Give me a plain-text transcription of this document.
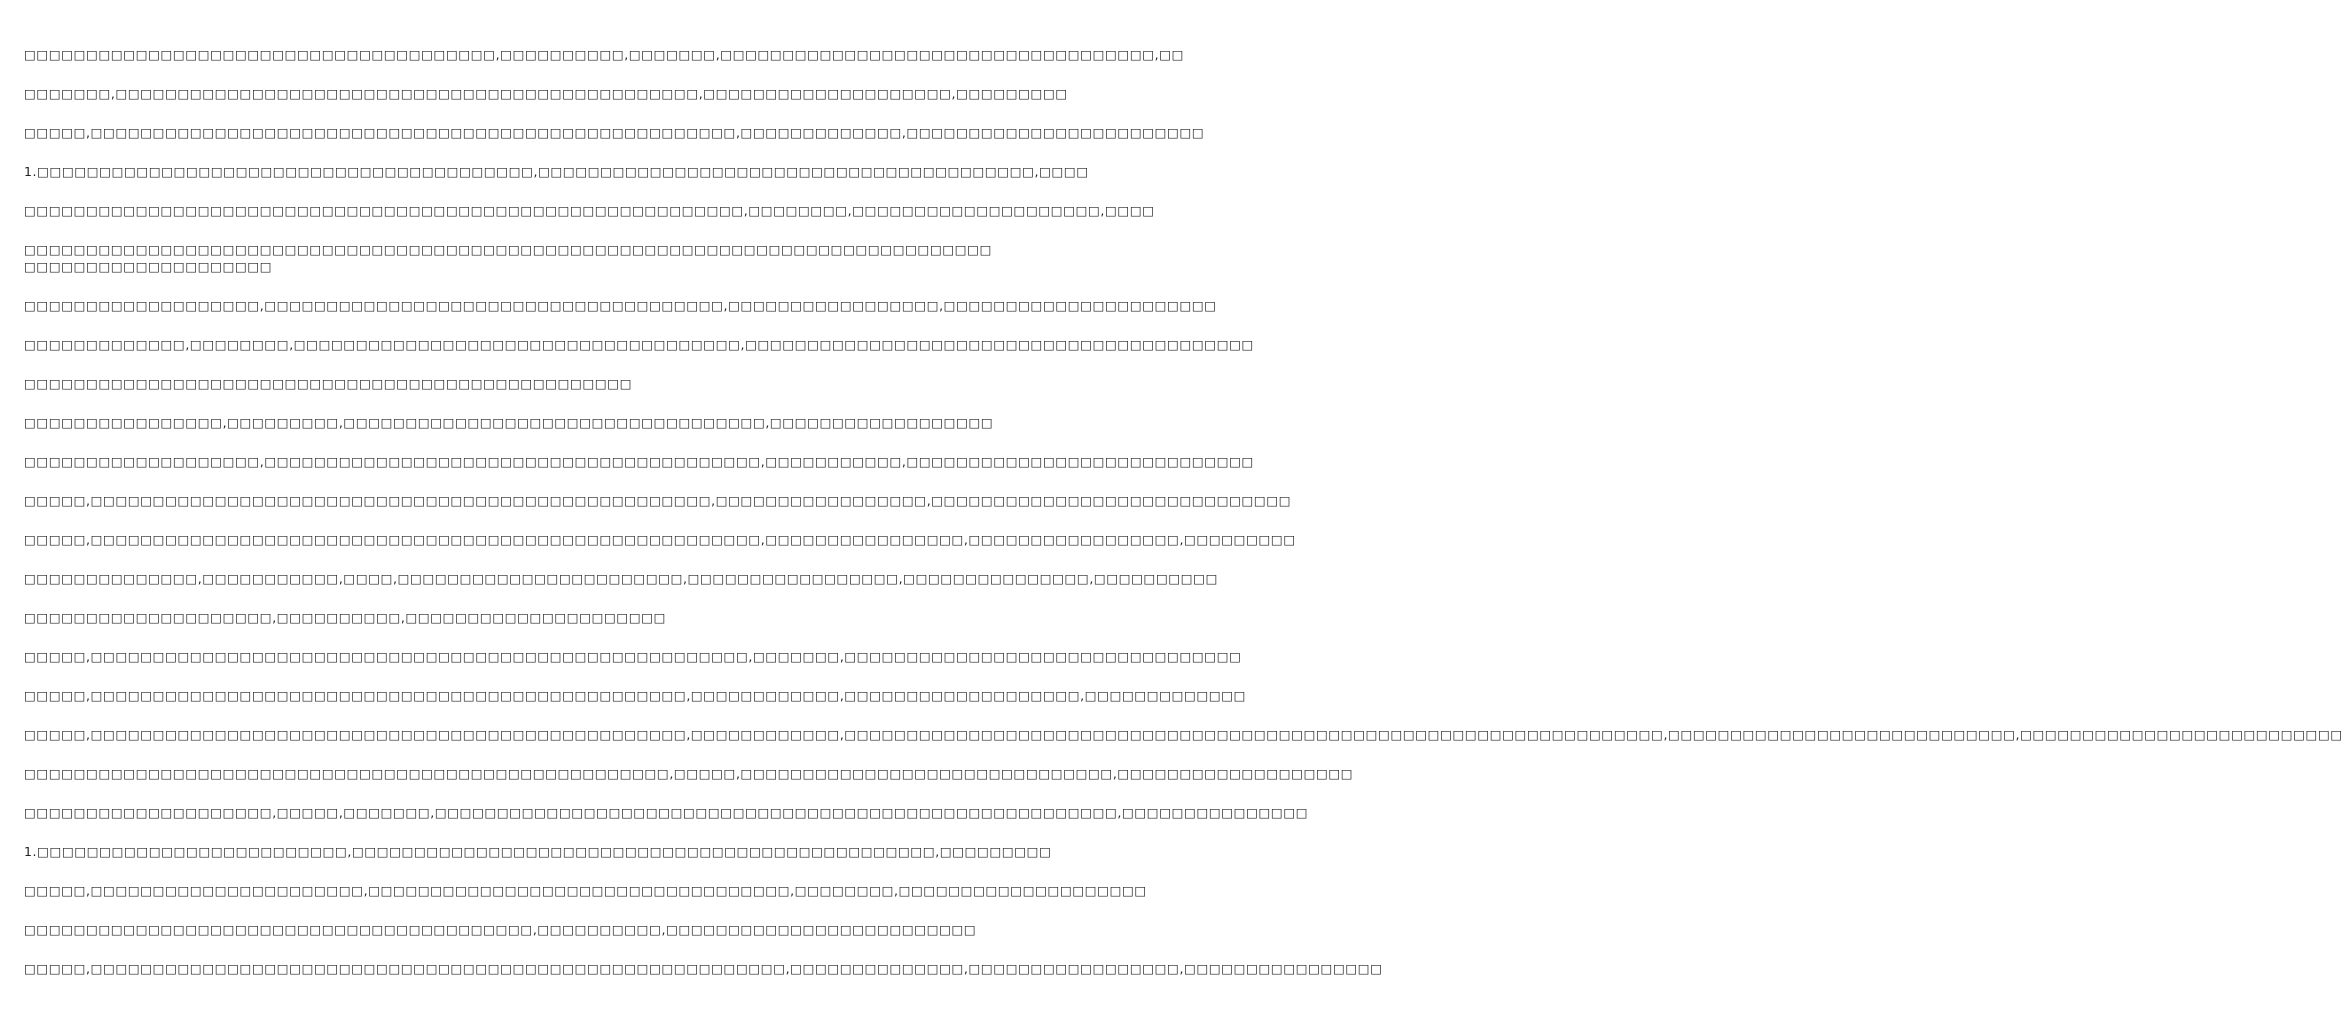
□□□□□□□□□□□□□□□□□□□□□□□□□□□□□□□□□□□□□□,□□□□□□□□□□,□□□□□□□,□□□□□□□□□□□□□□□□□□□□□□□□□□□□□□□□□□□,□□

□□□□□□□,□□□□□□□□□□□□□□□□□□□□□□□□□□□□□□□□□□□□□□□□□□□□□□□,□□□□□□□□□□□□□□□□□□□□,□□□□□□□□□

□□□□□,□□□□□□□□□□□□□□□□□□□□□□□□□□□□□□□□□□□□□□□□□□□□□□□□□□□□,□□□□□□□□□□□□□,□□□□□□□□□□□□□□□□□□□□□□□□

1.□□□□□□□□□□□□□□□□□□□□□□□□□□□□□□□□□□□□□□□□,□□□□□□□□□□□□□□□□□□□□□□□□□□□□□□□□□□□□□□□□,□□□□

□□□□□□□□□□□□□□□□□□□□□□□□□□□□□□□□□□□□□□□□□□□□□□□□□□□□□□□□□□,□□□□□□□□,□□□□□□□□□□□□□□□□□□□□,□□□□

□□□□□□□□□□□□□□□□□□□□□□□□□□□□□□□□□□□□□□□□□□□□□□□□□□□□□□□□□□□□□□□□□□□□□□□□□□□□□□ □□□□□□□□□□□□□□□□□□□□

□□□□□□□□□□□□□□□□□□□,□□□□□□□□□□□□□□□□□□□□□□□□□□□□□□□□□□□□□,□□□□□□□□□□□□□□□□□,□□□□□□□□□□□□□□□□□□□□□□

□□□□□□□□□□□□□,□□□□□□□□,□□□□□□□□□□□□□□□□□□□□□□□□□□□□□□□□□□□□,□□□□□□□□□□□□□□□□□□□□□□□□□□□□□□□□□□□□□□□□□

□□□□□□□□□□□□□□□□□□□□□□□□□□□□□□□□□□□□□□□□□□□□□□□□□

□□□□□□□□□□□□□□□□,□□□□□□□□□,□□□□□□□□□□□□□□□□□□□□□□□□□□□□□□□□□□,□□□□□□□□□□□□□□□□□□

□□□□□□□□□□□□□□□□□□□,□□□□□□□□□□□□□□□□□□□□□□□□□□□□□□□□□□□□□□□□,□□□□□□□□□□□,□□□□□□□□□□□□□□□□□□□□□□□□□□□□

□□□□□,□□□□□□□□□□□□□□□□□□□□□□□□□□□□□□□□□□□□□□□□□□□□□□□□□□,□□□□□□□□□□□□□□□□□,□□□□□□□□□□□□□□□□□□□□□□□□□□□□□

□□□□□,□□□□□□□□□□□□□□□□□□□□□□□□□□□□□□□□□□□□□□□□□□□□□□□□□□□□□□,□□□□□□□□□□□□□□□□,□□□□□□□□□□□□□□□□□,□□□□□□□□□

□□□□□□□□□□□□□□,□□□□□□□□□□□,□□□□,□□□□□□□□□□□□□□□□□□□□□□□,□□□□□□□□□□□□□□□□□,□□□□□□□□□□□□□□□,□□□□□□□□□□

□□□□□□□□□□□□□□□□□□□□,□□□□□□□□□□,□□□□□□□□□□□□□□□□□□□□□

□□□□□,□□□□□□□□□□□□□□□□□□□□□□□□□□□□□□□□□□□□□□□□□□□□□□□□□□□□□,□□□□□□□,□□□□□□□□□□□□□□□□□□□□□□□□□□□□□□□□

□□□□□,□□□□□□□□□□□□□□□□□□□□□□□□□□□□□□□□□□□□□□□□□□□□□□□□,□□□□□□□□□□□□,□□□□□□□□□□□□□□□□□□□,□□□□□□□□□□□□□

□□□□□,□□□□□□□□□□□□□□□□□□□□□□□□□□□□□□□□□□□□□□□□□□□□□□□□,□□□□□□□□□□□□,□□□□□□□□□□□□□□□□□□□□□□□□□□□□□□□□□□□□□□□□□□□□□□□□□□□□□□□□□□□□□□□□□□,□□□□□□□□□□□□□□□□□□□□□□□□□□□□,□□□□□□□□□□□□□□□□□□□□□□□□□□

□□□□□□□□□□□□□□□□□□□□□□□□□□□□□□□□□□□□□□□□□□□□□□□□□□□□,□□□□□,□□□□□□□□□□□□□□□□□□□□□□□□□□□□□□,□□□□□□□□□□□□□□□□□□□

□□□□□□□□□□□□□□□□□□□□,□□□□□,□□□□□□□,□□□□□□□□□□□□□□□□□□□□□□□□□□□□□□□□□□□□□□□□□□□□□□□□□□□□□□□,□□□□□□□□□□□□□□□

1.□□□□□□□□□□□□□□□□□□□□□□□□□,□□□□□□□□□□□□□□□□□□□□□□□□□□□□□□□□□□□□□□□□□□□□□□□,□□□□□□□□□

□□□□□,□□□□□□□□□□□□□□□□□□□□□□,□□□□□□□□□□□□□□□□□□□□□□□□□□□□□□□□□□,□□□□□□□□,□□□□□□□□□□□□□□□□□□□□

□□□□□□□□□□□□□□□□□□□□□□□□□□□□□□□□□□□□□□□□□,□□□□□□□□□□,□□□□□□□□□□□□□□□□□□□□□□□□□

□□□□□,□□□□□□□□□□□□□□□□□□□□□□□□□□□□□□□□□□□□□□□□□□□□□□□□□□□□□□□□,□□□□□□□□□□□□□□,□□□□□□□□□□□□□□□□□,□□□□□□□□□□□□□□□□
